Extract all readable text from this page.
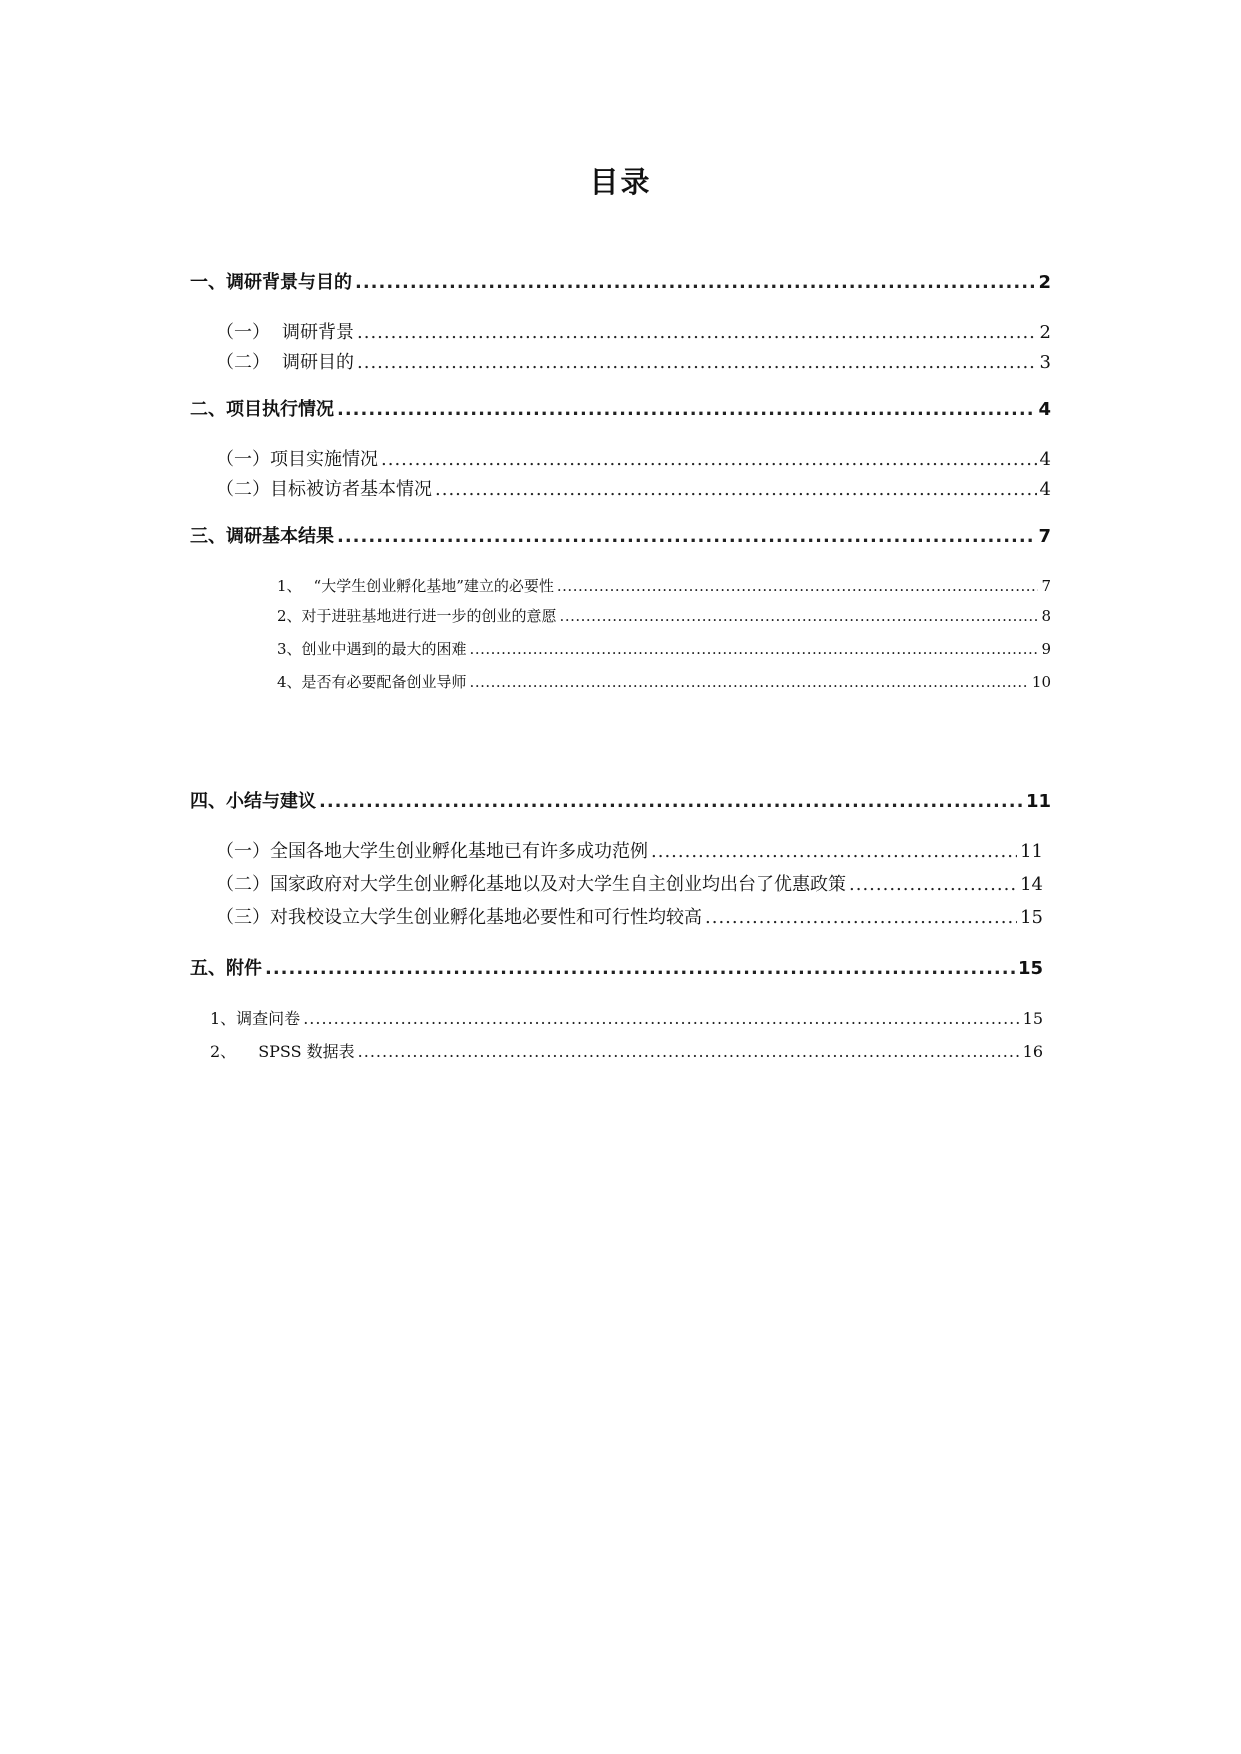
目录
一、调研背景与目的 .....	2
（一） 调研背景 .....	2
（二） 调研目的 .....	3
二、项目执行情况 .....	4
（一）项目实施情况 .....	4
（二）目标被访者基本情况 .....	4
三、调研基本结果 .....	7
1、 “大学生创业孵化基地”建立的必要性 .....	7
2、对于进驻基地进行进一步的创业的意愿 .....	8
3、创业中遇到的最大的困难 .....	9
4、是否有必要配备创业导师 .....	10
四、小结与建议 .....	11
（一）全国各地大学生创业孵化基地已有许多成功范例 .....	11
（二）国家政府对大学生创业孵化基地以及对大学生自主创业均出台了优惠政策 .....	14
（三）对我校设立大学生创业孵化基地必要性和可行性均较高 .....	15
五、附件 .....	15
1、调查问卷 .....	15
2、 SPSS 数据表 .....	16
